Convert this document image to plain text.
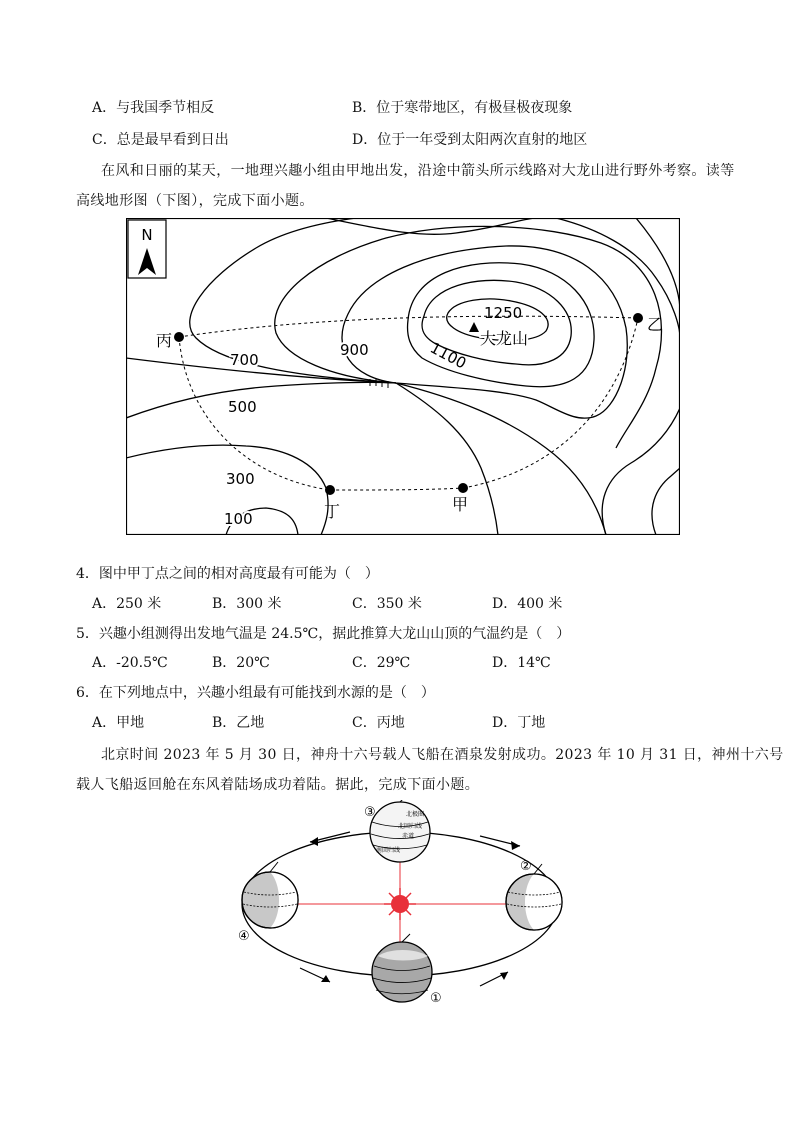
A．与我国季节相反	B．位于寒带地区，有极昼极夜现象
C．总是最早看到日出	D．位于一年受到太阳两次直射的地区
在风和日丽的某天，一地理兴趣小组由甲地出发，沿途中箭头所示线路对大龙山进行野外考察。读等
高线地形图（下图），完成下面小题。
N
1250
1100
900
700
500
300
100
大龙山
丙
乙
丁	甲
4．图中甲丁点之间的相对高度最有可能为（　）
A．250 米	B．300 米	C．350 米	D．400 米
5．兴趣小组测得出发地气温是 24.5℃，据此推算大龙山山顶的气温约是（　）
A．-20.5℃	B．20℃	C．29℃	D．14℃
6．在下列地点中，兴趣小组最有可能找到水源的是（　）
A．甲地	B．乙地	C．丙地	D．丁地
北京时间 2023 年 5 月 30 日，神舟十六号载人飞船在酒泉发射成功。2023 年 10 月 31 日，神州十六号
载人飞船返回舱在东风着陆场成功着陆。据此，完成下面小题。
北极圈
北回归线
赤道
南回归线
③
②
④
①
